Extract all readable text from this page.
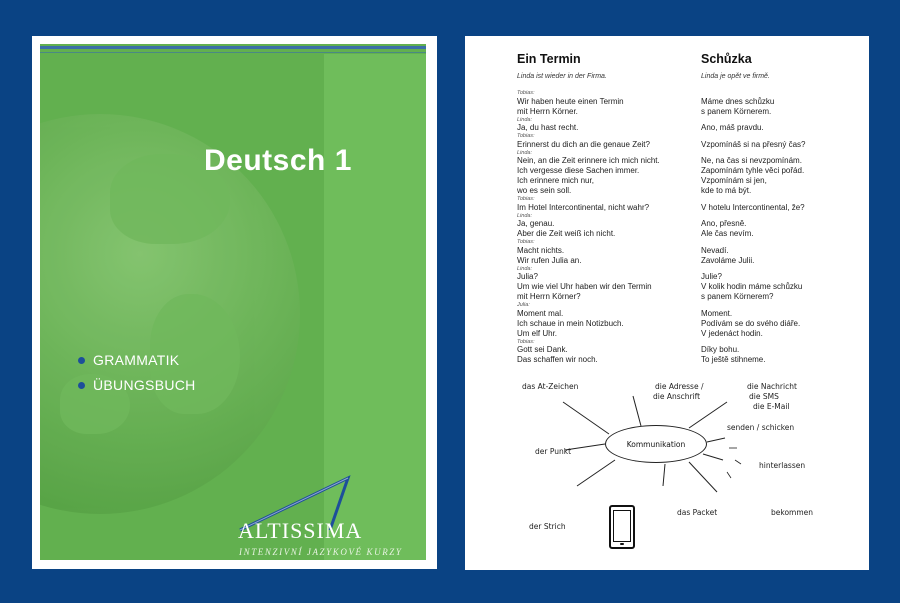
Deutsch 1
GRAMMATIK
ÜBUNGSBUCH
ALTISSIMA
INTENZIVNÍ JAZYKOVÉ KURZY
Ein Termin
Linda ist wieder in der Firma.
Tobias:
Wir haben heute einen Termin
mit Herrn Körner.
Linda:
Ja, du hast recht.
Tobias:
Erinnerst du dich an die genaue Zeit?
Linda:
Nein, an die Zeit erinnere ich mich nicht.
Ich vergesse diese Sachen immer.
Ich erinnere mich nur,
wo es sein soll.
Tobias:
Im Hotel Intercontinental, nicht wahr?
Linda:
Ja, genau.
Aber die Zeit weiß ich nicht.
Tobias:
Macht nichts.
Wir rufen Julia an.
Linda:
Julia?
Um wie viel Uhr haben wir den Termin
mit Herrn Körner?
Julia:
Moment mal.
Ich schaue in mein Notizbuch.
Um elf Uhr.
Tobias:
Gott sei Dank.
Das schaffen wir noch.
Schůzka
Linda je opět ve firmě.
Máme dnes schůzku
s panem Körnerem.
Ano, máš pravdu.
Vzpomínáš si na přesný čas?
Ne, na čas si nevzpomínám.
Zapomínám tyhle věci pořád.
Vzpomínám si jen,
kde to má být.
V hotelu Intercontinental, že?
Ano, přesně.
Ale čas nevím.
Nevadí.
Zavoláme Julii.
Julie?
V kolik hodin máme schůzku
s panem Körnerem?
Moment.
Podívám se do svého diáře.
V jedenáct hodin.
Díky bohu.
To ještě stihneme.
Kommunikation
das At-Zeichen	die Adresse /
die Anschrift
die Nachricht
die SMS
die E-Mail
senden / schicken
der Punkt
hinterlassen
der Strich
das Packet	bekommen
